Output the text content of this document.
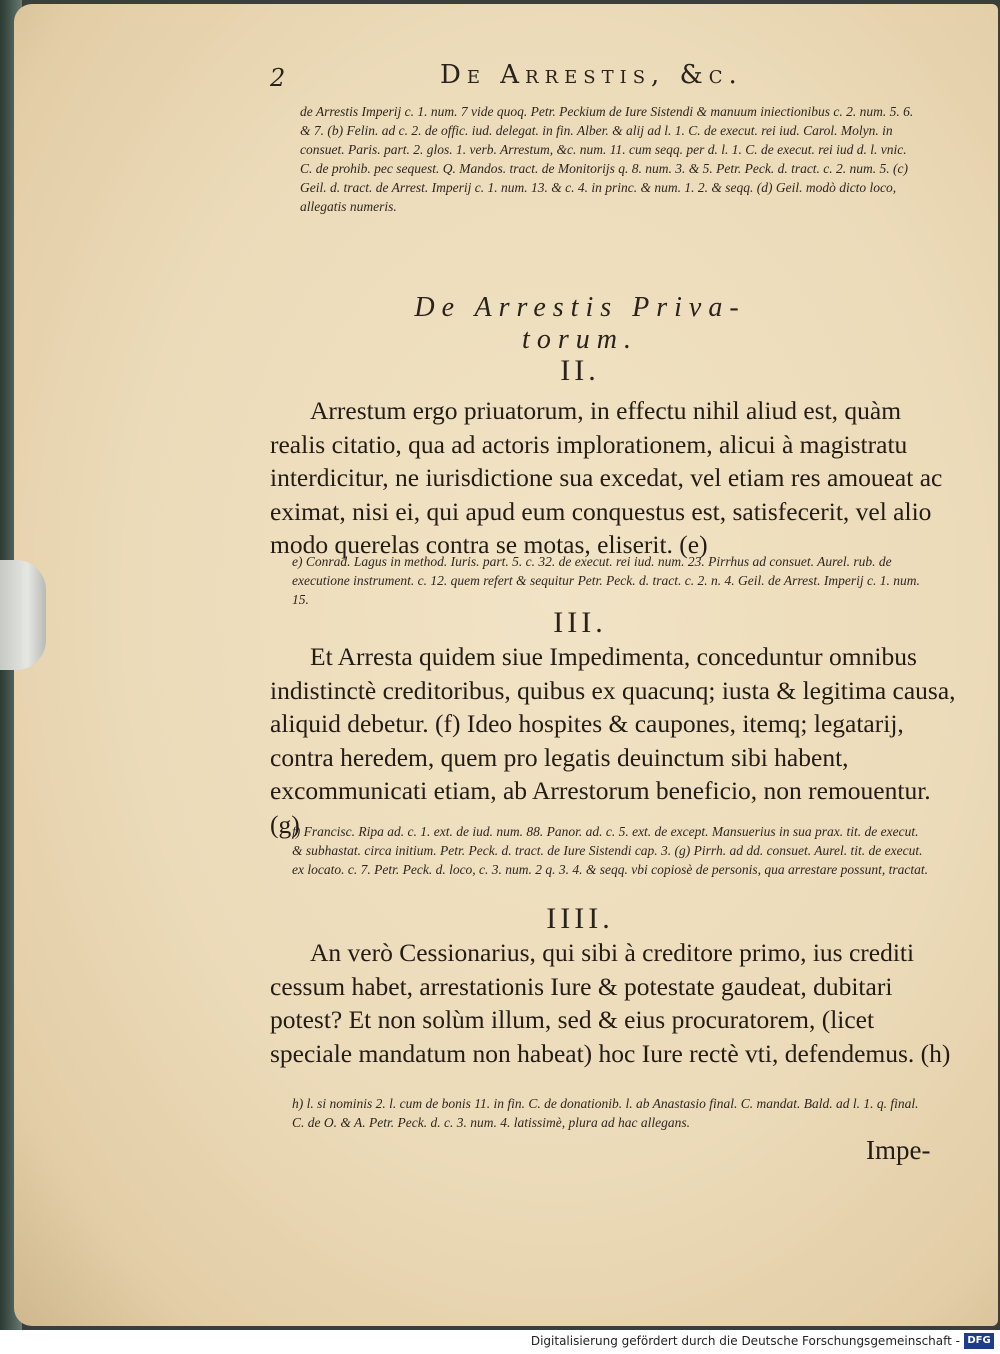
2	De Arrestis, &c.
de Arrestis Imperij c. 1. num. 7 vide quoq. Petr. Peckium de Iure Sistendi & manuum iniectionibus c. 2. num. 5. 6. & 7. (b) Felin. ad c. 2. de offic. iud. delegat. in fin. Alber. & alij ad l. 1. C. de execut. rei iud. Carol. Molyn. in consuet. Paris. part. 2. glos. 1. verb. Arrestum, &c. num. 11. cum seqq. per d. l. 1. C. de execut. rei iud d. l. vnic. C. de prohib. pec sequest. Q. Mandos. tract. de Monitorijs q. 8. num. 3. & 5. Petr. Peck. d. tract. c. 2. num. 5. (c) Geil. d. tract. de Arrest. Imperij c. 1. num. 13. & c. 4. in princ. & num. 1. 2. & seqq. (d) Geil. modò dicto loco, allegatis numeris.
De Arrestis Priva-
torum.
II.
Arrestum ergo priuatorum, in effectu nihil aliud est, quàm realis citatio, qua ad actoris implorationem, alicui à magistratu interdicitur, ne iurisdictione sua excedat, vel etiam res amoueat ac eximat, nisi ei, qui apud eum conquestus est, satisfecerit, vel alio modo querelas contra se motas, eliserit. (e)
e) Conrad. Lagus in method. Iuris. part. 5. c. 32. de execut. rei iud. num. 23. Pirrhus ad consuet. Aurel. rub. de executione instrument. c. 12. quem refert & sequitur Petr. Peck. d. tract. c. 2. n. 4. Geil. de Arrest. Imperij c. 1. num. 15.
III.
Et Arresta quidem siue Impedimenta, conceduntur omnibus indistinctè creditoribus, quibus ex quacunq; iusta & legitima causa, aliquid debetur. (f) Ideo hospites & caupones, itemq; legatarij, contra heredem, quem pro legatis deuinctum sibi habent, excommunicati etiam, ab Arrestorum beneficio, non remouentur. (g)
f) Francisc. Ripa ad. c. 1. ext. de iud. num. 88. Panor. ad. c. 5. ext. de except. Mansuerius in sua prax. tit. de execut. & subhastat. circa initium. Petr. Peck. d. tract. de Iure Sistendi cap. 3. (g) Pirrh. ad dd. consuet. Aurel. tit. de execut. ex locato. c. 7. Petr. Peck. d. loco, c. 3. num. 2 q. 3. 4. & seqq. vbi copiosè de personis, qua arrestare possunt, tractat.
IIII.
An verò Cessionarius, qui sibi à creditore primo, ius crediti cessum habet, arrestationis Iure & potestate gaudeat, dubitari potest? Et non solùm illum, sed & eius procuratorem, (licet speciale mandatum non habeat) hoc Iure rectè vti, defendemus. (h)
h) l. si nominis 2. l. cum de bonis 11. in fin. C. de donationib. l. ab Anastasio final. C. mandat. Bald. ad l. 1. q. final. C. de O. & A. Petr. Peck. d. c. 3. num. 4. latissimè, plura ad hac allegans.
Impe-
Digitalisierung gefördert durch die Deutsche Forschungsgemeinschaft - DFG
